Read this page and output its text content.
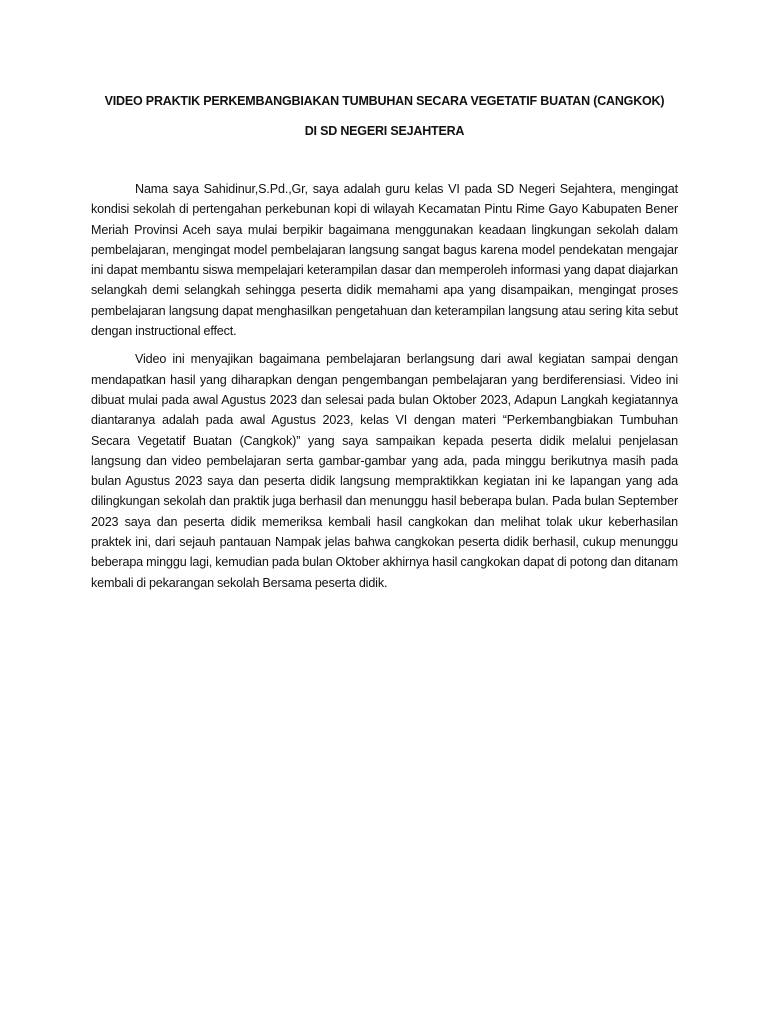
VIDEO PRAKTIK PERKEMBANGBIAKAN TUMBUHAN SECARA VEGETATIF BUATAN (CANGKOK)
DI SD NEGERI SEJAHTERA

Nama saya Sahidinur,S.Pd.,Gr, saya adalah guru kelas VI pada SD Negeri Sejahtera, mengingat kondisi sekolah di pertengahan perkebunan kopi di wilayah Kecamatan Pintu Rime Gayo Kabupaten Bener Meriah Provinsi Aceh saya mulai berpikir bagaimana menggunakan keadaan lingkungan sekolah dalam pembelajaran, mengingat model pembelajaran langsung sangat bagus karena model pendekatan mengajar ini dapat membantu siswa mempelajari keterampilan dasar dan memperoleh informasi yang dapat diajarkan selangkah demi selangkah sehingga peserta didik memahami apa yang disampaikan, mengingat proses pembelajaran langsung dapat menghasilkan pengetahuan dan keterampilan langsung atau sering kita sebut dengan instructional effect.

Video ini menyajikan bagaimana pembelajaran berlangsung dari awal kegiatan sampai dengan mendapatkan hasil yang diharapkan dengan pengembangan pembelajaran yang berdiferensiasi. Video ini dibuat mulai pada awal Agustus 2023 dan selesai pada bulan Oktober 2023, Adapun Langkah kegiatannya diantaranya adalah pada awal Agustus 2023, kelas VI dengan materi “Perkembangbiakan Tumbuhan Secara Vegetatif Buatan (Cangkok)” yang saya sampaikan kepada peserta didik melalui penjelasan langsung dan video pembelajaran serta gambar-gambar yang ada, pada minggu berikutnya masih pada bulan Agustus 2023 saya dan peserta didik langsung mempraktikkan kegiatan ini ke lapangan yang ada dilingkungan sekolah dan praktik juga berhasil dan menunggu hasil beberapa bulan. Pada bulan September 2023 saya dan peserta didik memeriksa kembali hasil cangkokan dan melihat tolak ukur keberhasilan praktek ini, dari sejauh pantauan Nampak jelas bahwa cangkokan peserta didik berhasil, cukup menunggu beberapa minggu lagi, kemudian pada bulan Oktober akhirnya hasil cangkokan dapat di potong dan ditanam kembali di pekarangan sekolah Bersama peserta didik.
